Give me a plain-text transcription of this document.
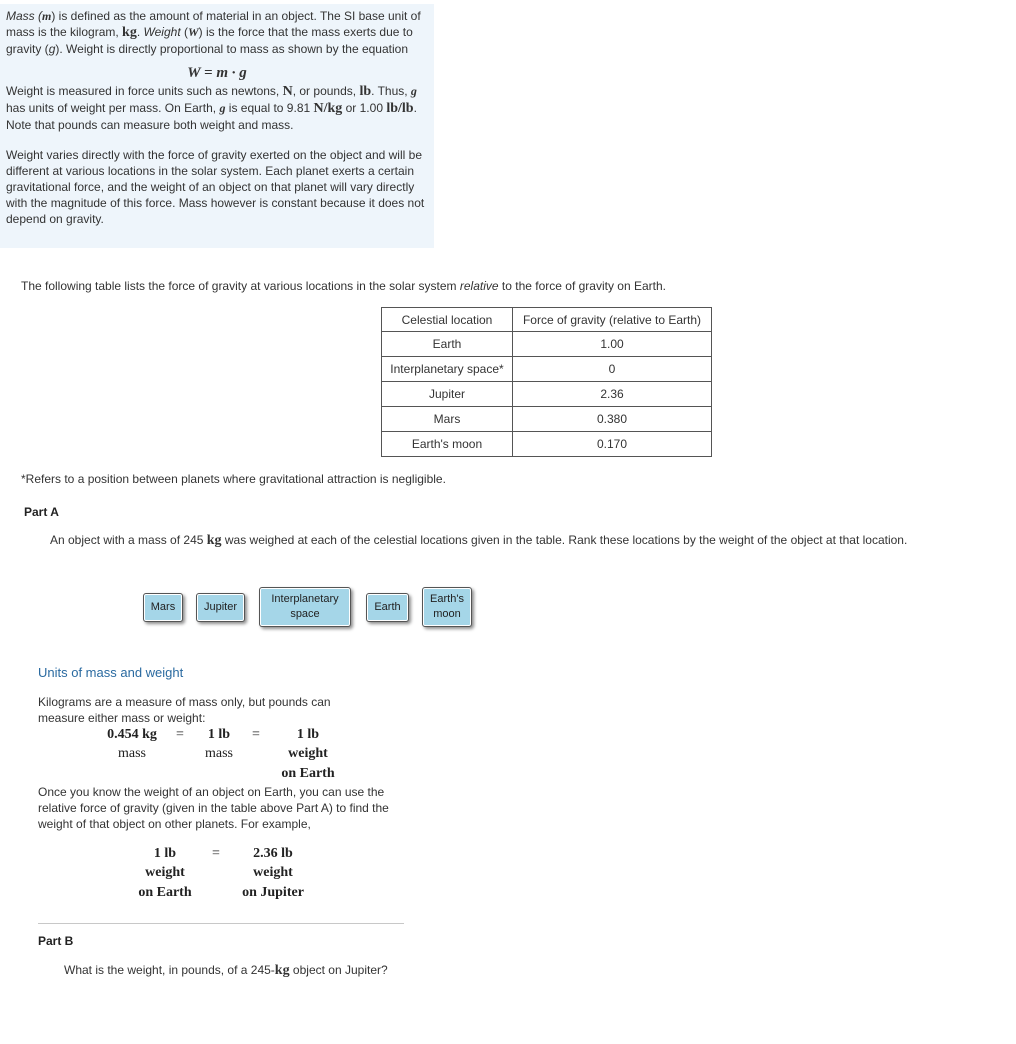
Mass (m) is defined as the amount of material in an object. The SI base unit of mass is the kilogram, kg. Weight (W) is the force that the mass exerts due to gravity (g). Weight is directly proportional to mass as shown by the equation

W = m · g

Weight is measured in force units such as newtons, N, or pounds, lb. Thus, g has units of weight per mass. On Earth, g is equal to 9.81 N/kg or 1.00 lb/lb. Note that pounds can measure both weight and mass.

Weight varies directly with the force of gravity exerted on the object and will be different at various locations in the solar system. Each planet exerts a certain gravitational force, and the weight of an object on that planet will vary directly with the magnitude of this force. Mass however is constant because it does not depend on gravity.

The following table lists the force of gravity at various locations in the solar system relative to the force of gravity on Earth.
Celestial location	Force of gravity (relative to Earth)
Earth	1.00
Interplanetary space*	0
Jupiter	2.36
Mars	0.380
Earth's moon	0.170
*Refers to a position between planets where gravitational attraction is negligible.
Part A
An object with a mass of 245 kg was weighed at each of the celestial locations given in the table. Rank these locations by the weight of the object at that location.
Mars	Jupiter
Interplanetary space
Earth
Earth's moon
Units of mass and weight
Kilograms are a measure of mass only, but pounds can measure either mass or weight:
0.454 kg
mass
=	1 lb
mass
=	1 lb
weight
on Earth
Once you know the weight of an object on Earth, you can use the relative force of gravity (given in the table above Part A) to find the weight of that object on other planets. For example,
1 lb
weight
on Earth
=	2.36 lb
weight
on Jupiter
Part B
What is the weight, in pounds, of a 245-kg object on Jupiter?
